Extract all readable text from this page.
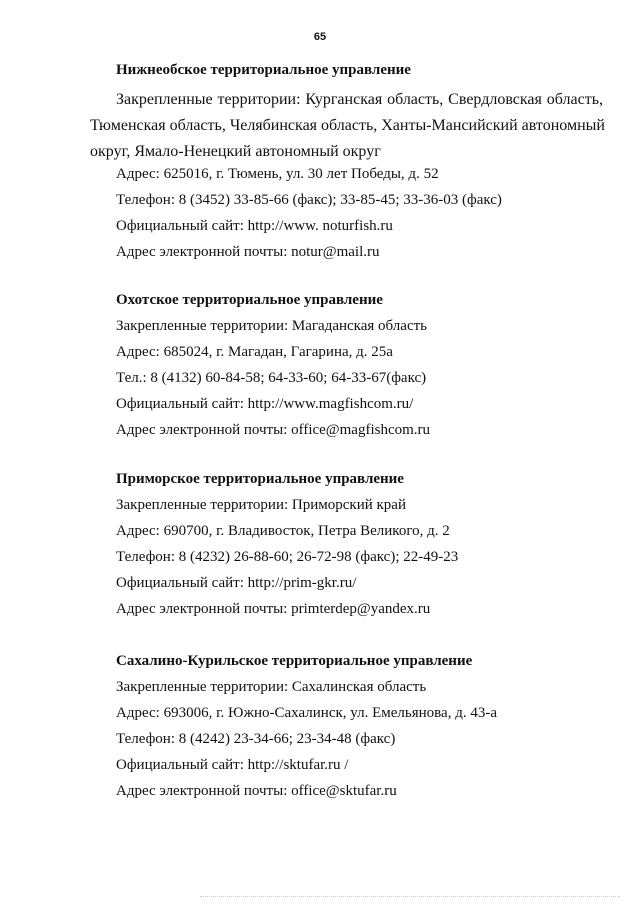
65
Нижнеобское территориальное управление
Закрепленные территории: Курганская область, Свердловская область,
Тюменская область, Челябинская область, Ханты-Мансийский автономный
округ, Ямало-Ненецкий автономный округ
Адрес: 625016, г. Тюмень, ул. 30 лет Победы, д. 52
Телефон: 8 (3452) 33-85-66 (факс); 33-85-45; 33-36-03 (факс)
Официальный сайт: http://www. noturfish.ru
Адрес электронной почты: notur@mail.ru
Охотское территориальное управление
Закрепленные территории: Магаданская область
Адрес: 685024, г. Магадан, Гагарина, д. 25а
Тел.: 8 (4132) 60-84-58; 64-33-60; 64-33-67(факс)
Официальный сайт: http://www.magfishcom.ru/
Адрес электронной почты: office@magfishcom.ru
Приморское территориальное управление
Закрепленные территории: Приморский край
Адрес: 690700, г. Владивосток, Петра Великого, д. 2
Телефон: 8 (4232) 26-88-60; 26-72-98 (факс); 22-49-23
Официальный сайт: http://prim-gkr.ru/
Адрес электронной почты: primterdep@yandex.ru
Сахалино-Курильское территориальное управление
Закрепленные территории: Сахалинская область
Адрес: 693006, г. Южно-Сахалинск, ул. Емельянова, д. 43-а
Телефон: 8 (4242) 23-34-66; 23-34-48 (факс)
Официальный сайт: http://sktufar.ru /
Адрес электронной почты: office@sktufar.ru
